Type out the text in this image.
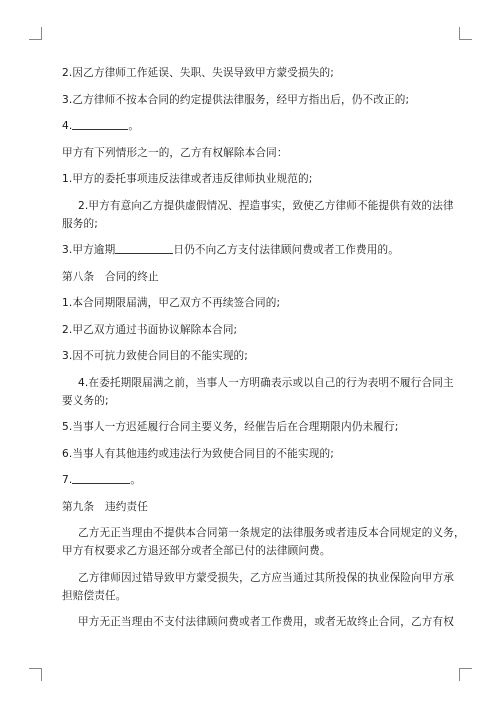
2.因乙方律师工作延误、失职、失误导致甲方蒙受损失的;
3.乙方律师不按本合同的约定提供法律服务，经甲方指出后，仍不改正的;
4.	。
甲方有下列情形之一的，乙方有权解除本合同：
1.甲方的委托事项违反法律或者违反律师执业规范的;
2.甲方有意向乙方提供虚假情况、捏造事实，致使乙方律师不能提供有效的法律
服务的;
3.甲方逾期	日仍不向乙方支付法律顾问费或者工作费用的。
第八条　合同的终止
1.本合同期限届满，甲乙双方不再续签合同的;
2.甲乙双方通过书面协议解除本合同;
3.因不可抗力致使合同目的不能实现的;
4.在委托期限届满之前，当事人一方明确表示或以自己的行为表明不履行合同主
要义务的;
5.当事人一方迟延履行合同主要义务，经催告后在合理期限内仍未履行;
6.当事人有其他违约或违法行为致使合同目的不能实现的;
7.	。
第九条　违约责任
乙方无正当理由不提供本合同第一条规定的法律服务或者违反本合同规定的义务，
甲方有权要求乙方退还部分或者全部已付的法律顾问费。
乙方律师因过错导致甲方蒙受损失，乙方应当通过其所投保的执业保险向甲方承
担赔偿责任。
甲方无正当理由不支付法律顾问费或者工作费用，或者无故终止合同，乙方有权
